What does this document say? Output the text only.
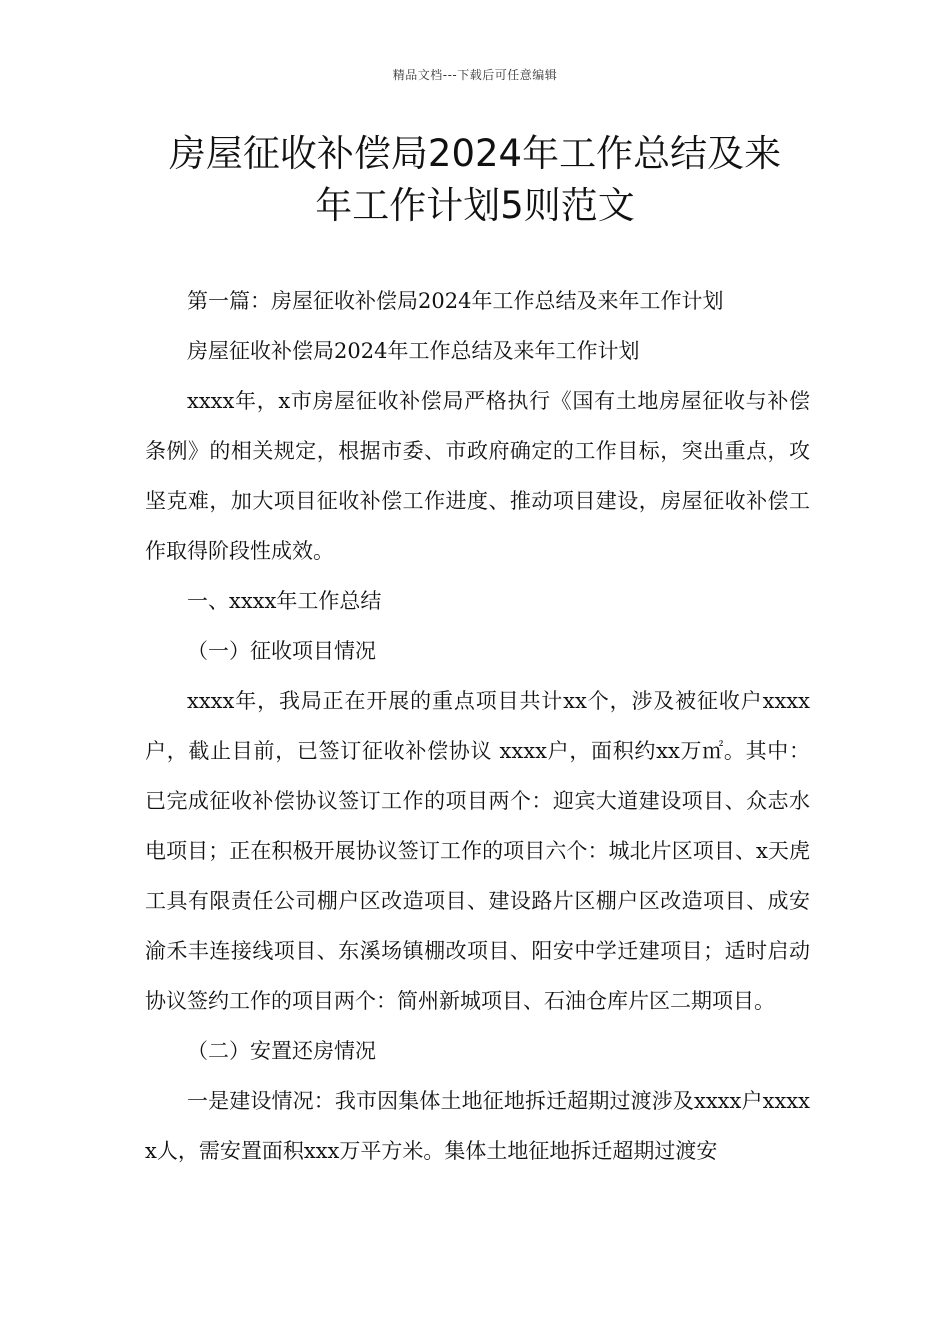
精品文档---下载后可任意编辑
房屋征收补偿局2024年工作总结及来
年工作计划5则范文

第一篇：房屋征收补偿局2024年工作总结及来年工作计划

房屋征收补偿局2024年工作总结及来年工作计划

xxxx年，x市房屋征收补偿局严格执行《国有土地房屋征收与补偿条例》的相关规定，根据市委、市政府确定的工作目标，突出重点，攻坚克难，加大项目征收补偿工作进度、推动项目建设，房屋征收补偿工作取得阶段性成效。

一、xxxx年工作总结

（一）征收项目情况

xxxx年，我局正在开展的重点项目共计xx个，涉及被征收户xxxx户，截止目前，已签订征收补偿协议 xxxx户，面积约xx万㎡。其中：已完成征收补偿协议签订工作的项目两个：迎宾大道建设项目、众志水电项目；正在积极开展协议签订工作的项目六个：城北片区项目、x天虎工具有限责任公司棚户区改造项目、建设路片区棚户区改造项目、成安渝禾丰连接线项目、东溪场镇棚改项目、阳安中学迁建项目；适时启动协议签约工作的项目两个：简州新城项目、石油仓库片区二期项目。

（二）安置还房情况

一是建设情况：我市因集体土地征地拆迁超期过渡涉及xxxx户xxxxx人，需安置面积xxx万平方米。集体土地征地拆迁超期过渡安
